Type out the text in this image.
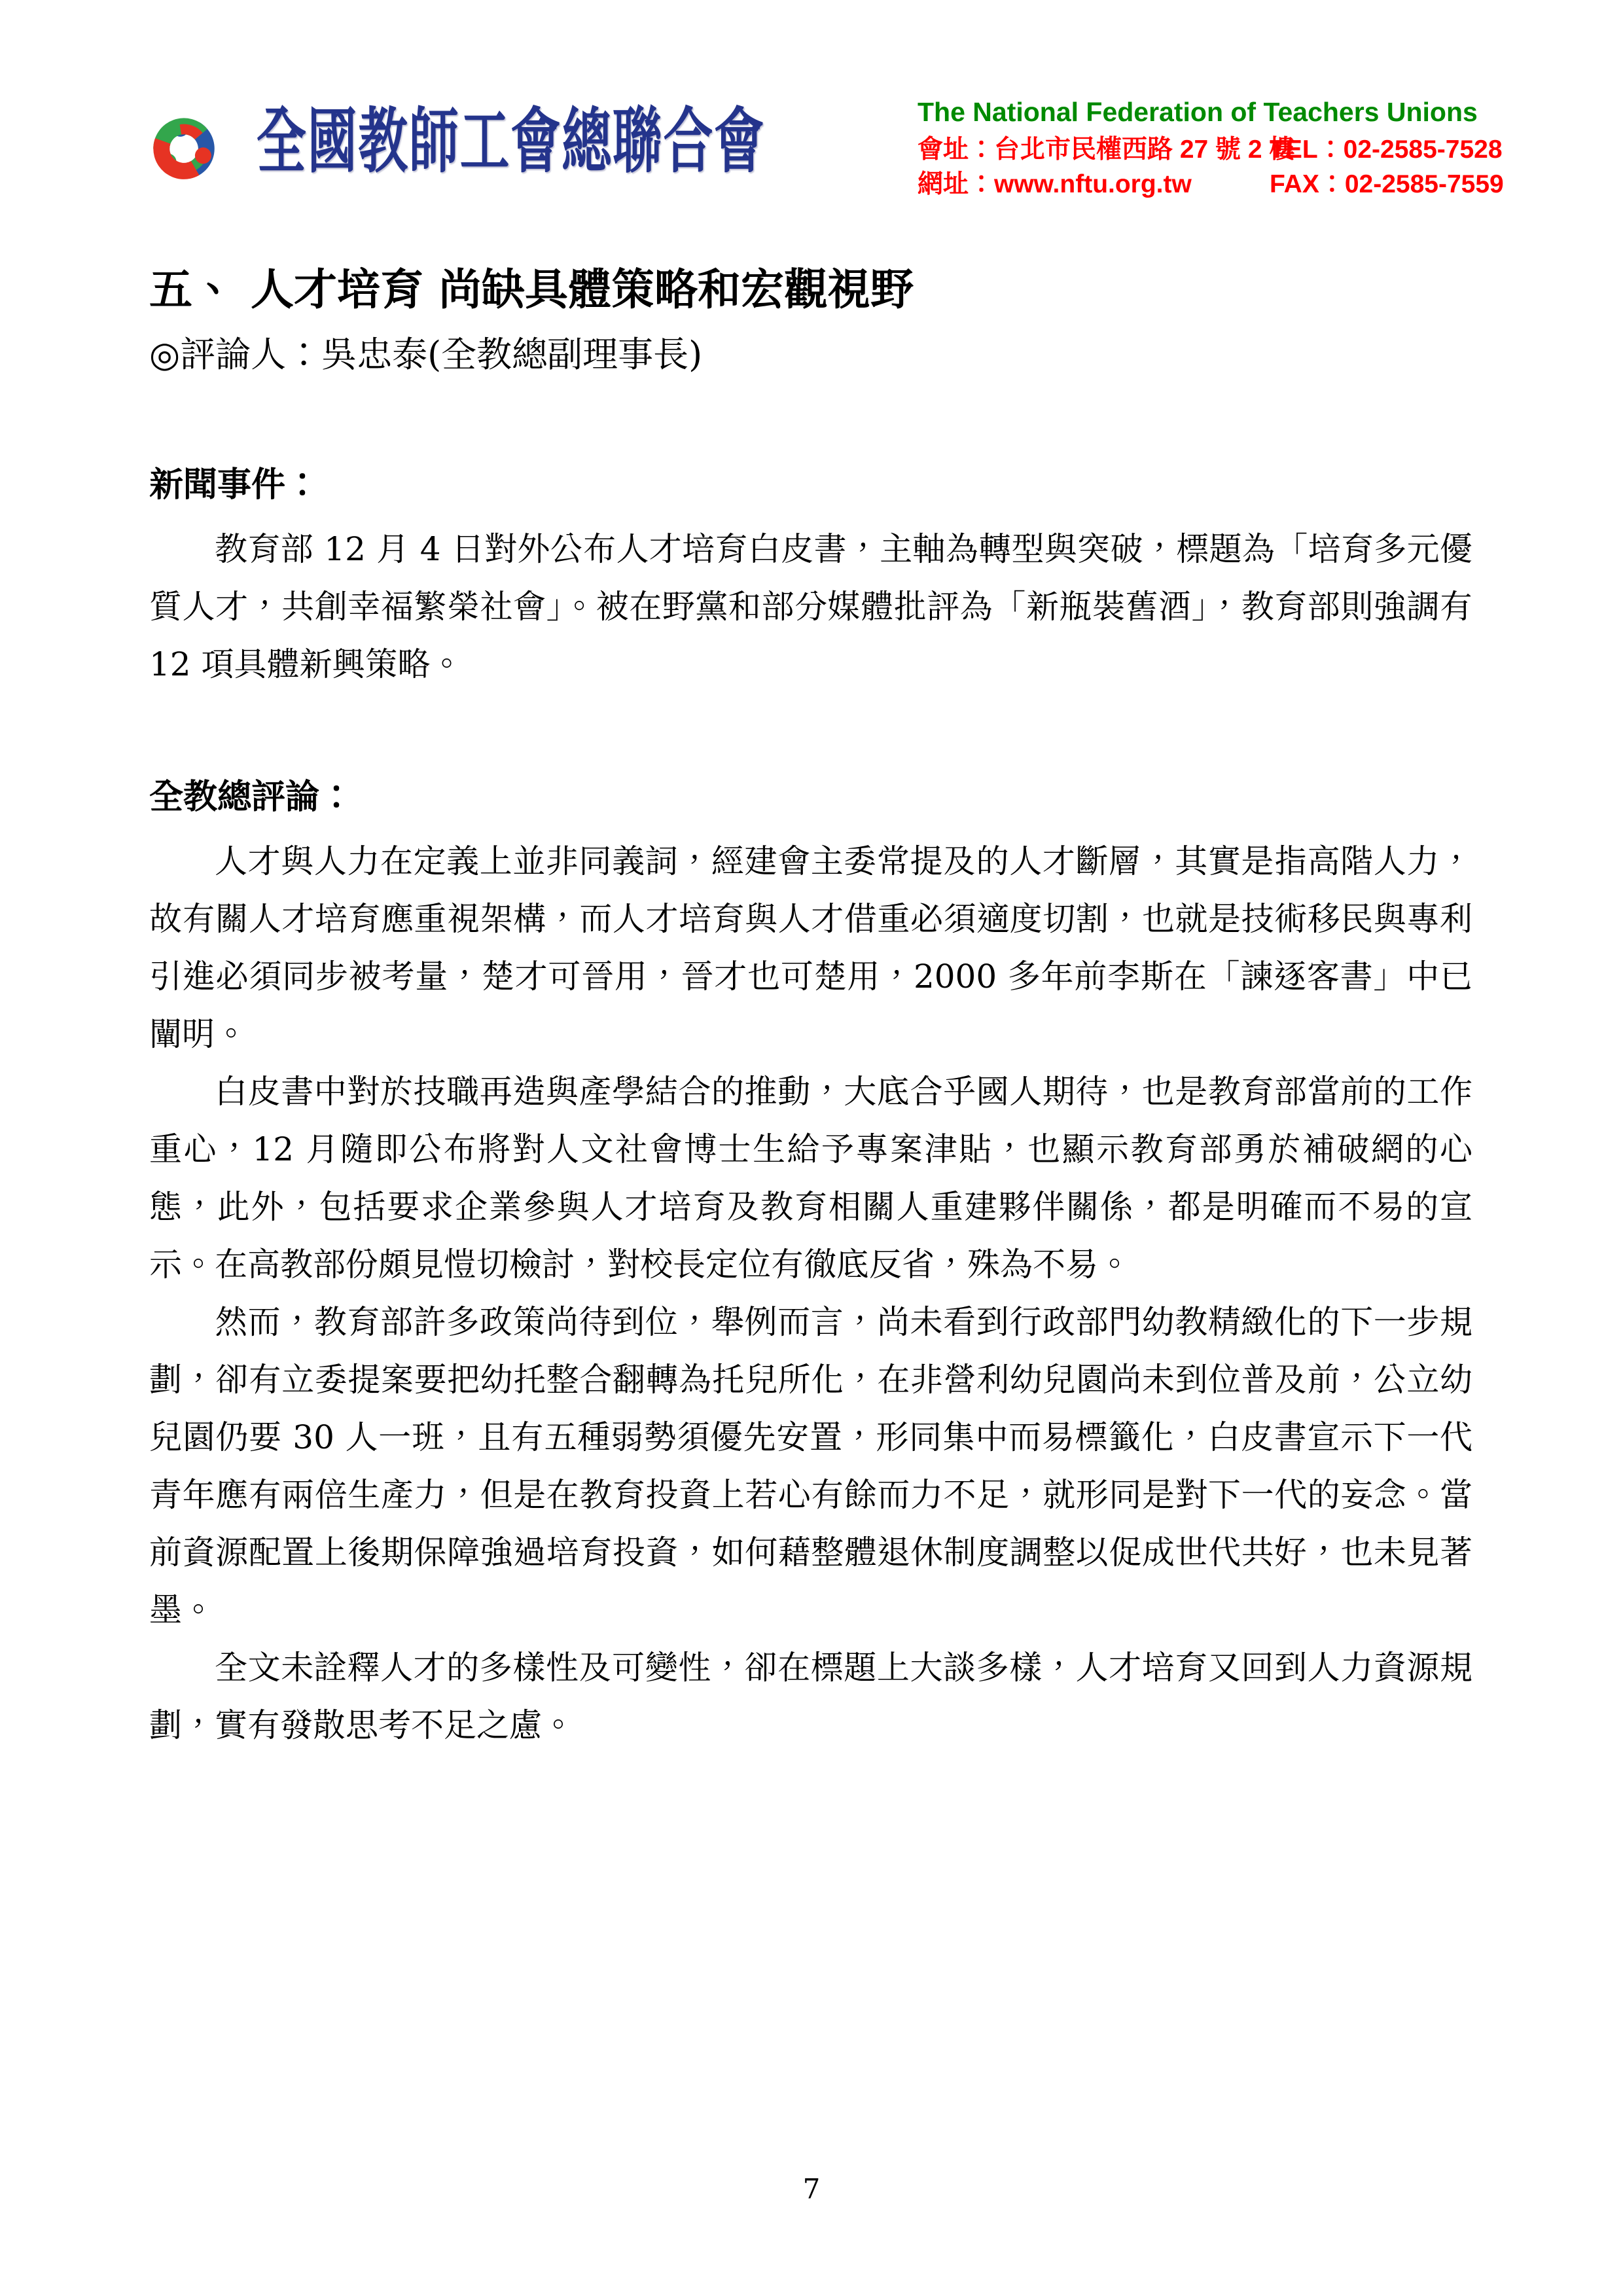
全國教師工會總聯合會	The National Federation of Teachers Unions
會址：台北市民權西路 27 號 2 樓
TEL：02-2585-7528
網址：www.nftu.org.tw	FAX：02-2585-7559
五、 人才培育 尚缺具體策略和宏觀視野
◎評論人：吳忠泰(全教總副理事長)
新聞事件：

教育部 12 月 4 日對外公布人才培育白皮書，主軸為轉型與突破，標題為「培育多元優質人才，共創幸福繁榮社會」。被在野黨和部分媒體批評為「新瓶裝舊酒」，教育部則強調有 12 項具體新興策略。

全教總評論：

人才與人力在定義上並非同義詞，經建會主委常提及的人才斷層，其實是指高階人力，故有關人才培育應重視架構，而人才培育與人才借重必須適度切割，也就是技術移民與專利引進必須同步被考量，楚才可晉用，晉才也可楚用，2000 多年前李斯在「諫逐客書」中已闡明。

白皮書中對於技職再造與產學結合的推動，大底合乎國人期待，也是教育部當前的工作重心，12 月隨即公布將對人文社會博士生給予專案津貼，也顯示教育部勇於補破網的心態，此外，包括要求企業參與人才培育及教育相關人重建夥伴關係，都是明確而不易的宣示。在高教部份頗見愷切檢討，對校長定位有徹底反省，殊為不易。

然而，教育部許多政策尚待到位，舉例而言，尚未看到行政部門幼教精緻化的下一步規劃，卻有立委提案要把幼托整合翻轉為托兒所化，在非營利幼兒園尚未到位普及前，公立幼兒園仍要 30 人一班，且有五種弱勢須優先安置，形同集中而易標籤化，白皮書宣示下一代青年應有兩倍生產力，但是在教育投資上若心有餘而力不足，就形同是對下一代的妄念。當前資源配置上後期保障強過培育投資，如何藉整體退休制度調整以促成世代共好，也未見著墨。

全文未詮釋人才的多樣性及可變性，卻在標題上大談多樣，人才培育又回到人力資源規劃，實有發散思考不足之慮。

7
